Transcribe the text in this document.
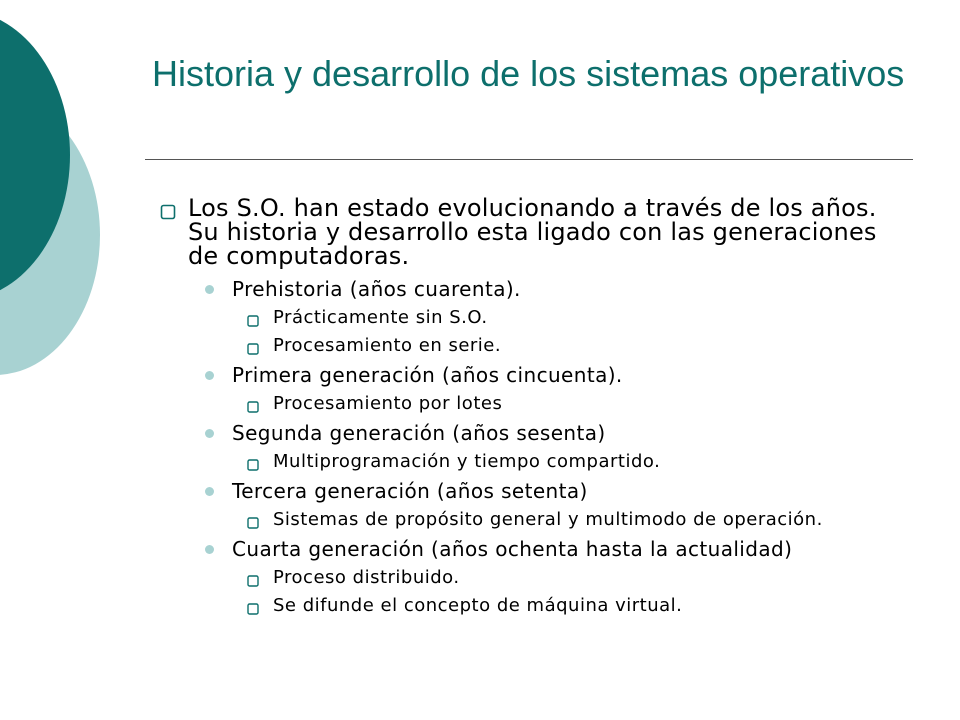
Historia y desarrollo de los sistemas operativos
Los S.O. han estado evolucionando a través de los años. Su historia y desarrollo esta ligado con las generaciones de computadoras.
Prehistoria (años cuarenta).
Prácticamente sin S.O.
Procesamiento en serie.
Primera generación (años cincuenta).
Procesamiento por lotes
Segunda generación (años sesenta)
Multiprogramación y tiempo compartido.
Tercera generación (años setenta)
Sistemas de propósito general y multimodo de operación.
Cuarta generación (años ochenta hasta la actualidad)
Proceso distribuido.
Se difunde el concepto de máquina virtual.
